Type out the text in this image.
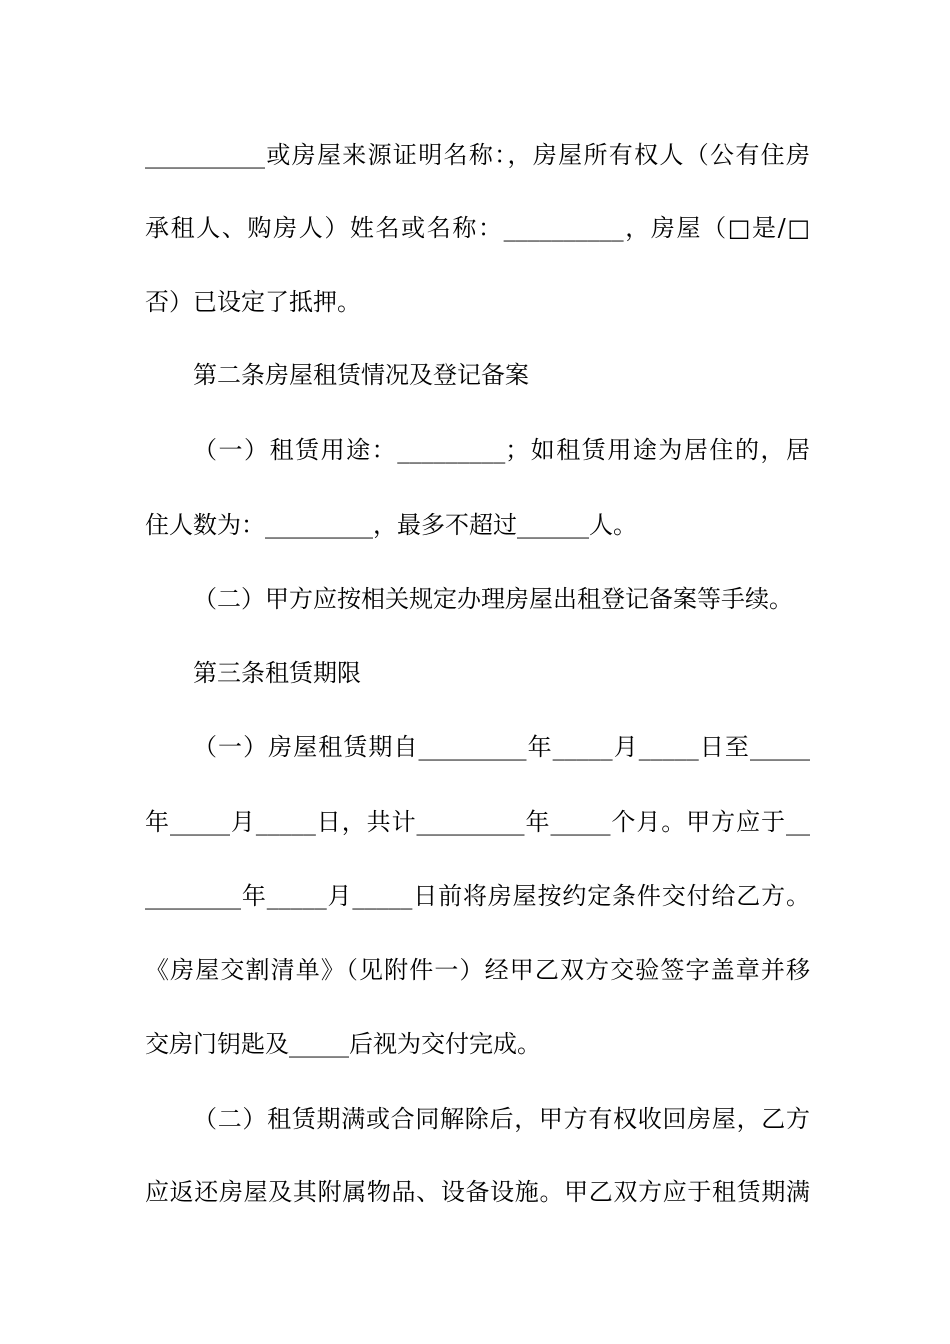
__________或房屋来源证明名称：，房屋所有权人（公有住房
承租人、购房人）姓名或名称：__________，房屋（□是/□
否）已设定了抵押。
第二条房屋租赁情况及登记备案
（一）租赁用途：_________；如租赁用途为居住的，居
住人数为：_________，最多不超过______人。
（二）甲方应按相关规定办理房屋出租登记备案等手续。
第三条租赁期限
（一）房屋租赁期自_________年_____月_____日至_____
年_____月_____日，共计_________年_____个月。甲方应于__
________年_____月_____日前将房屋按约定条件交付给乙方。
《房屋交割清单》（见附件一）经甲乙双方交验签字盖章并移
交房门钥匙及_____后视为交付完成。
（二）租赁期满或合同解除后，甲方有权收回房屋，乙方
应返还房屋及其附属物品、设备设施。甲乙双方应于租赁期满
